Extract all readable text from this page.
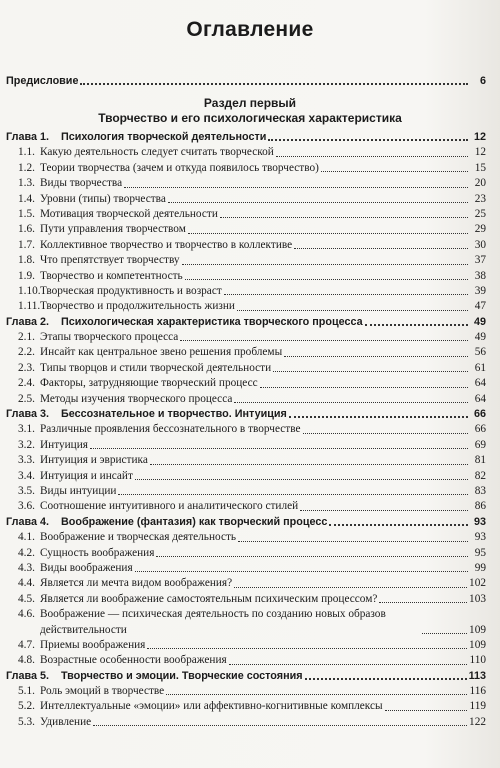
Оглавление
Предисловие	6
Раздел первый
Творчество и его психологическая характеристика
Глава 1.	Психология творческой деятельности	12
1.1. Какую деятельность следует считать творческой	12
1.2. Теории творчества (зачем и откуда появилось творчество)	15
1.3. Виды творчества	20
1.4. Уровни (типы) творчества	23
1.5. Мотивация творческой деятельности	25
1.6. Пути управления творчеством	29
1.7. Коллективное творчество и творчество в коллективе	30
1.8. Что препятствует творчеству	37
1.9. Творчество и компетентность	38
1.10. Творческая продуктивность и возраст	39
1.11. Творчество и продолжительность жизни	47
Глава 2.	Психологическая характеристика творческого процесса	49
2.1. Этапы творческого процесса	49
2.2. Инсайт как центральное звено решения проблемы	56
2.3. Типы творцов и стили творческой деятельности	61
2.4. Факторы, затрудняющие творческий процесс	64
2.5. Методы изучения творческого процесса	64
Глава 3.	Бессознательное и творчество. Интуиция	66
3.1. Различные проявления бессознательного в творчестве	66
3.2. Интуиция	69
3.3. Интуиция и эвристика	81
3.4. Интуиция и инсайт	82
3.5. Виды интуиции	83
3.6. Соотношение интуитивного и аналитического стилей	86
Глава 4.	Воображение (фантазия) как творческий процесс	93
4.1. Воображение и творческая деятельность	93
4.2. Сущность воображения	95
4.3. Виды воображения	99
4.4. Является ли мечта видом воображения?	102
4.5. Является ли воображение самостоятельным психическим процессом?	103
4.6. Воображение — психическая деятельность по созданию новых образов действительности	109
4.7. Приемы воображения	109
4.8. Возрастные особенности воображения	110
Глава 5.	Творчество и эмоции. Творческие состояния	113
5.1. Роль эмоций в творчестве	116
5.2. Интеллектуальные «эмоции» или аффективно-когнитивные комплексы	119
5.3. Удивление	122
